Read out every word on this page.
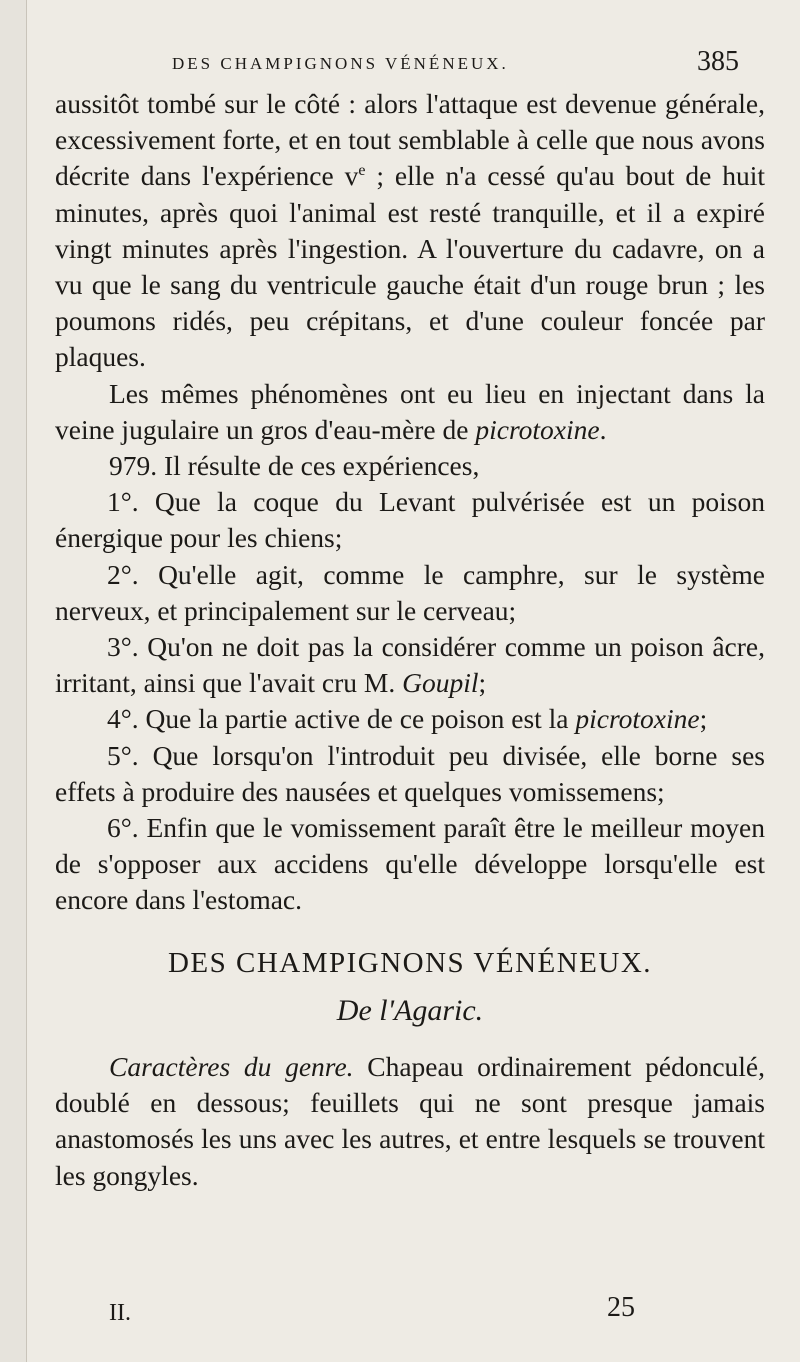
DES CHAMPIGNONS VÉNÉNEUX.	385

aussitôt tombé sur le côté : alors l'attaque est devenue générale, excessivement forte, et en tout semblable à celle que nous avons décrite dans l'expérience $v^e$ ; elle n'a cessé qu'au bout de huit minutes, après quoi l'animal est resté tranquille, et il a expiré vingt minutes après l'ingestion. A l'ouverture du cadavre, on a vu que le sang du ventricule gauche était d'un rouge brun ; les poumons ridés, peu crépitans, et d'une couleur foncée par plaques.

Les mêmes phénomènes ont eu lieu en injectant dans la veine jugulaire un gros d'eau-mère de picrotoxine.

979. Il résulte de ces expériences,

1°. Que la coque du Levant pulvérisée est un poison énergique pour les chiens;

2°. Qu'elle agit, comme le camphre, sur le système nerveux, et principalement sur le cerveau;

3°. Qu'on ne doit pas la considérer comme un poison âcre, irritant, ainsi que l'avait cru M. Goupil;

4°. Que la partie active de ce poison est la picrotoxine;

5°. Que lorsqu'on l'introduit peu divisée, elle borne ses effets à produire des nausées et quelques vomissemens;

6°. Enfin que le vomissement paraît être le meilleur moyen de s'opposer aux accidens qu'elle développe lorsqu'elle est encore dans l'estomac.

DES CHAMPIGNONS VÉNÉNEUX.

De l'Agaric.

Caractères du genre. Chapeau ordinairement pédonculé, doublé en dessous; feuillets qui ne sont presque jamais anastomosés les uns avec les autres, et entre lesquels se trouvent les gongyles.

II.	25
